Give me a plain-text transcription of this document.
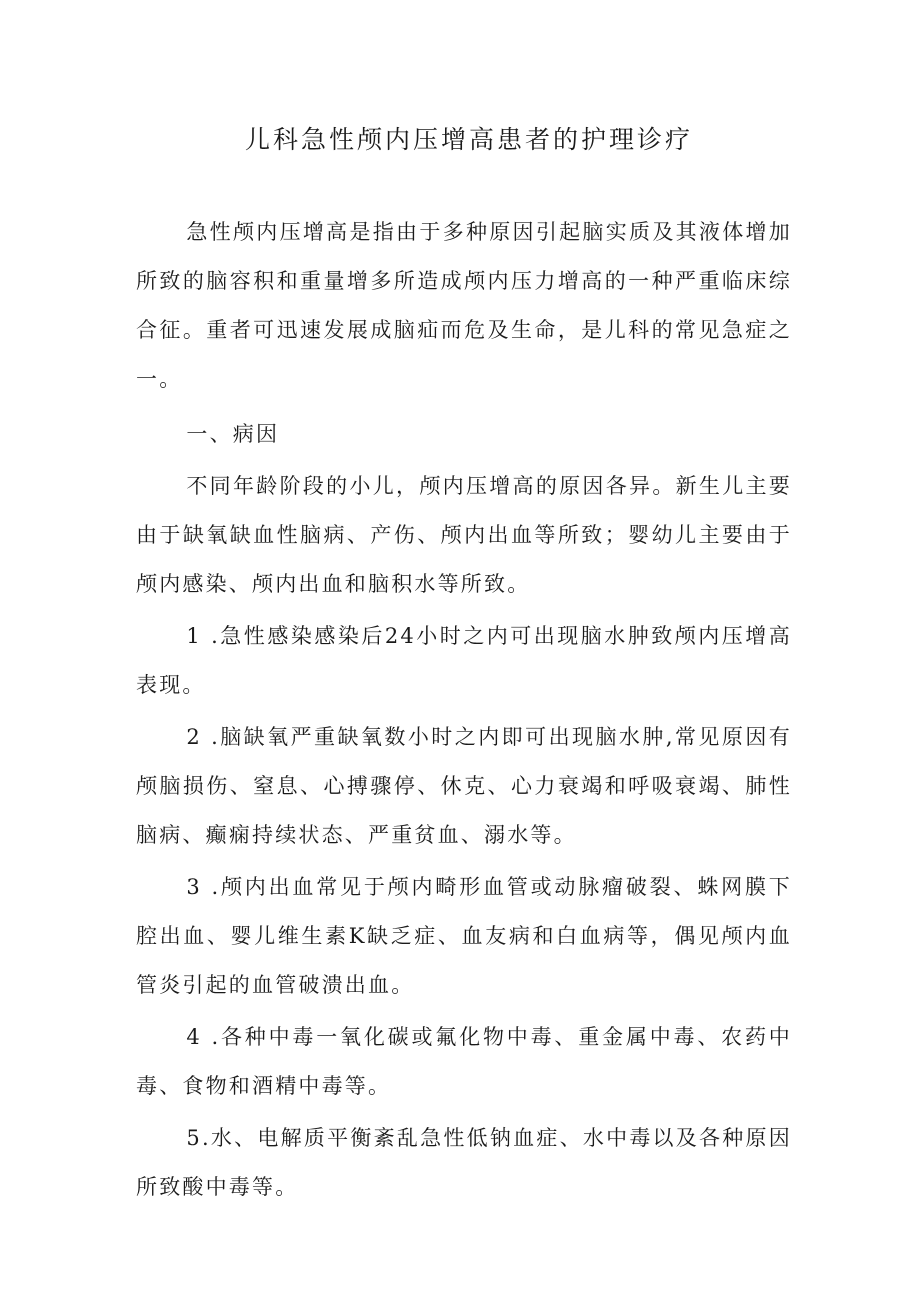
儿科急性颅内压增高患者的护理诊疗

急性颅内压增高是指由于多种原因引起脑实质及其液体增加所致的脑容积和重量增多所造成颅内压力增高的一种严重临床综合征。重者可迅速发展成脑疝而危及生命，是儿科的常见急症之一。

一、病因

不同年龄阶段的小儿，颅内压增高的原因各异。新生儿主要由于缺氧缺血性脑病、产伤、颅内出血等所致；婴幼儿主要由于颅内感染、颅内出血和脑积水等所致。

1 .急性感染感染后24小时之内可出现脑水肿致颅内压增高表现。

2 .脑缺氧严重缺氧数小时之内即可出现脑水肿,常见原因有颅脑损伤、窒息、心搏骤停、休克、心力衰竭和呼吸衰竭、肺性脑病、癫痫持续状态、严重贫血、溺水等。

3 .颅内出血常见于颅内畸形血管或动脉瘤破裂、蛛网膜下腔出血、婴儿维生素K缺乏症、血友病和白血病等，偶见颅内血管炎引起的血管破溃出血。

4 .各种中毒一氧化碳或氟化物中毒、重金属中毒、农药中毒、食物和酒精中毒等。

5.水、电解质平衡紊乱急性低钠血症、水中毒以及各种原因所致酸中毒等。
